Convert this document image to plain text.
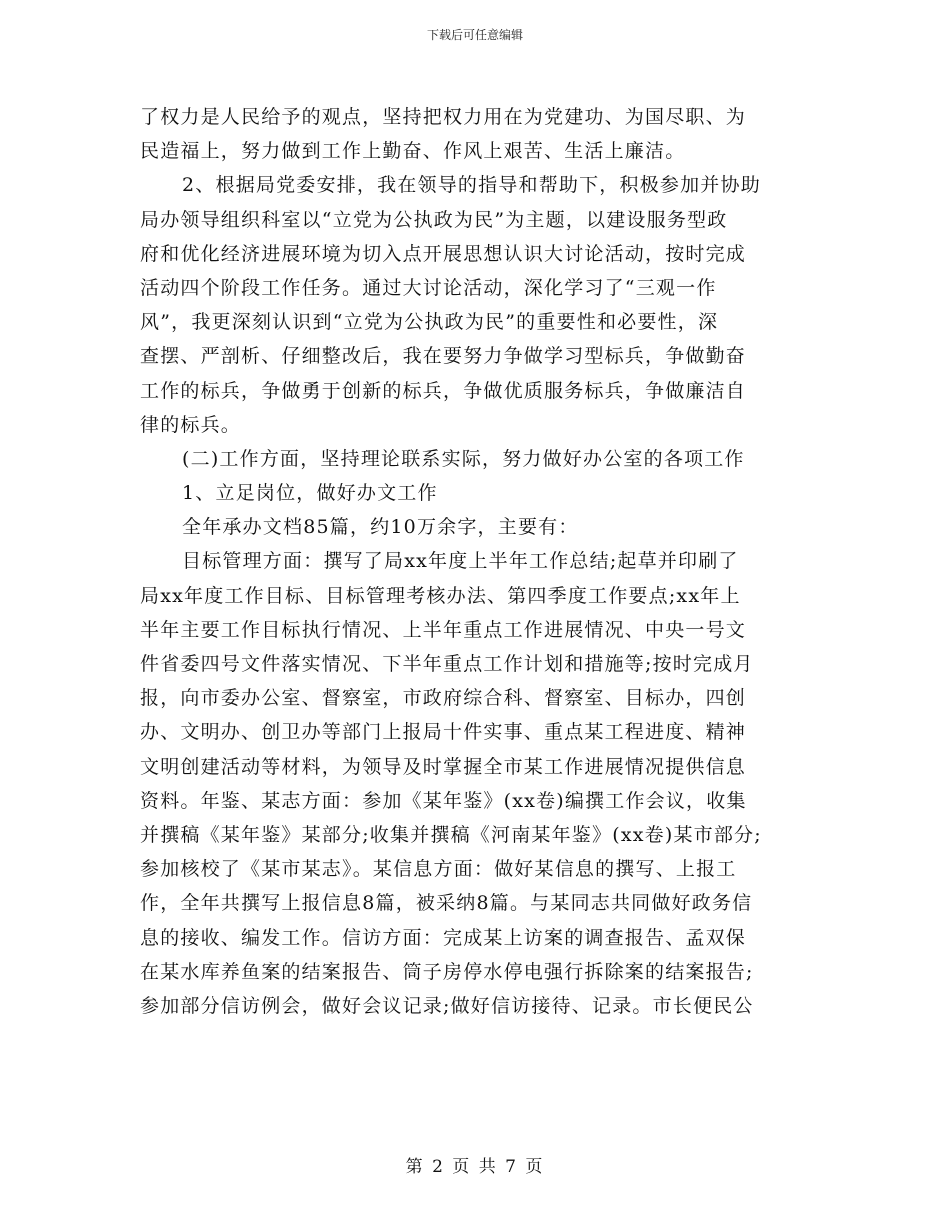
下载后可任意编辑
了权力是人民给予的观点，坚持把权力用在为党建功、为国尽职、为
民造福上，努力做到工作上勤奋、作风上艰苦、生活上廉洁。
2、根据局党委安排，我在领导的指导和帮助下，积极参加并协助
局办领导组织科室以“立党为公执政为民”为主题，以建设服务型政
府和优化经济进展环境为切入点开展思想认识大讨论活动，按时完成
活动四个阶段工作任务。通过大讨论活动，深化学习了“三观一作
风”，我更深刻认识到“立党为公执政为民”的重要性和必要性，深
查摆、严剖析、仔细整改后，我在要努力争做学习型标兵，争做勤奋
工作的标兵，争做勇于创新的标兵，争做优质服务标兵，争做廉洁自
律的标兵。
(二)工作方面，坚持理论联系实际，努力做好办公室的各项工作
1、立足岗位，做好办文工作
全年承办文档85篇，约10万余字，主要有：
目标管理方面：撰写了局xx年度上半年工作总结;起草并印刷了
局xx年度工作目标、目标管理考核办法、第四季度工作要点;xx年上
半年主要工作目标执行情况、上半年重点工作进展情况、中央一号文
件省委四号文件落实情况、下半年重点工作计划和措施等;按时完成月
报，向市委办公室、督察室，市政府综合科、督察室、目标办，四创
办、文明办、创卫办等部门上报局十件实事、重点某工程进度、精神
文明创建活动等材料，为领导及时掌握全市某工作进展情况提供信息
资料。年鉴、某志方面：参加《某年鉴》(xx卷)编撰工作会议，收集
并撰稿《某年鉴》某部分;收集并撰稿《河南某年鉴》(xx卷)某市部分;
参加核校了《某市某志》。某信息方面：做好某信息的撰写、上报工
作，全年共撰写上报信息8篇，被采纳8篇。与某同志共同做好政务信
息的接收、编发工作。信访方面：完成某上访案的调查报告、孟双保
在某水库养鱼案的结案报告、筒子房停水停电强行拆除案的结案报告;
参加部分信访例会，做好会议记录;做好信访接待、记录。市长便民公
第 2 页 共 7 页
